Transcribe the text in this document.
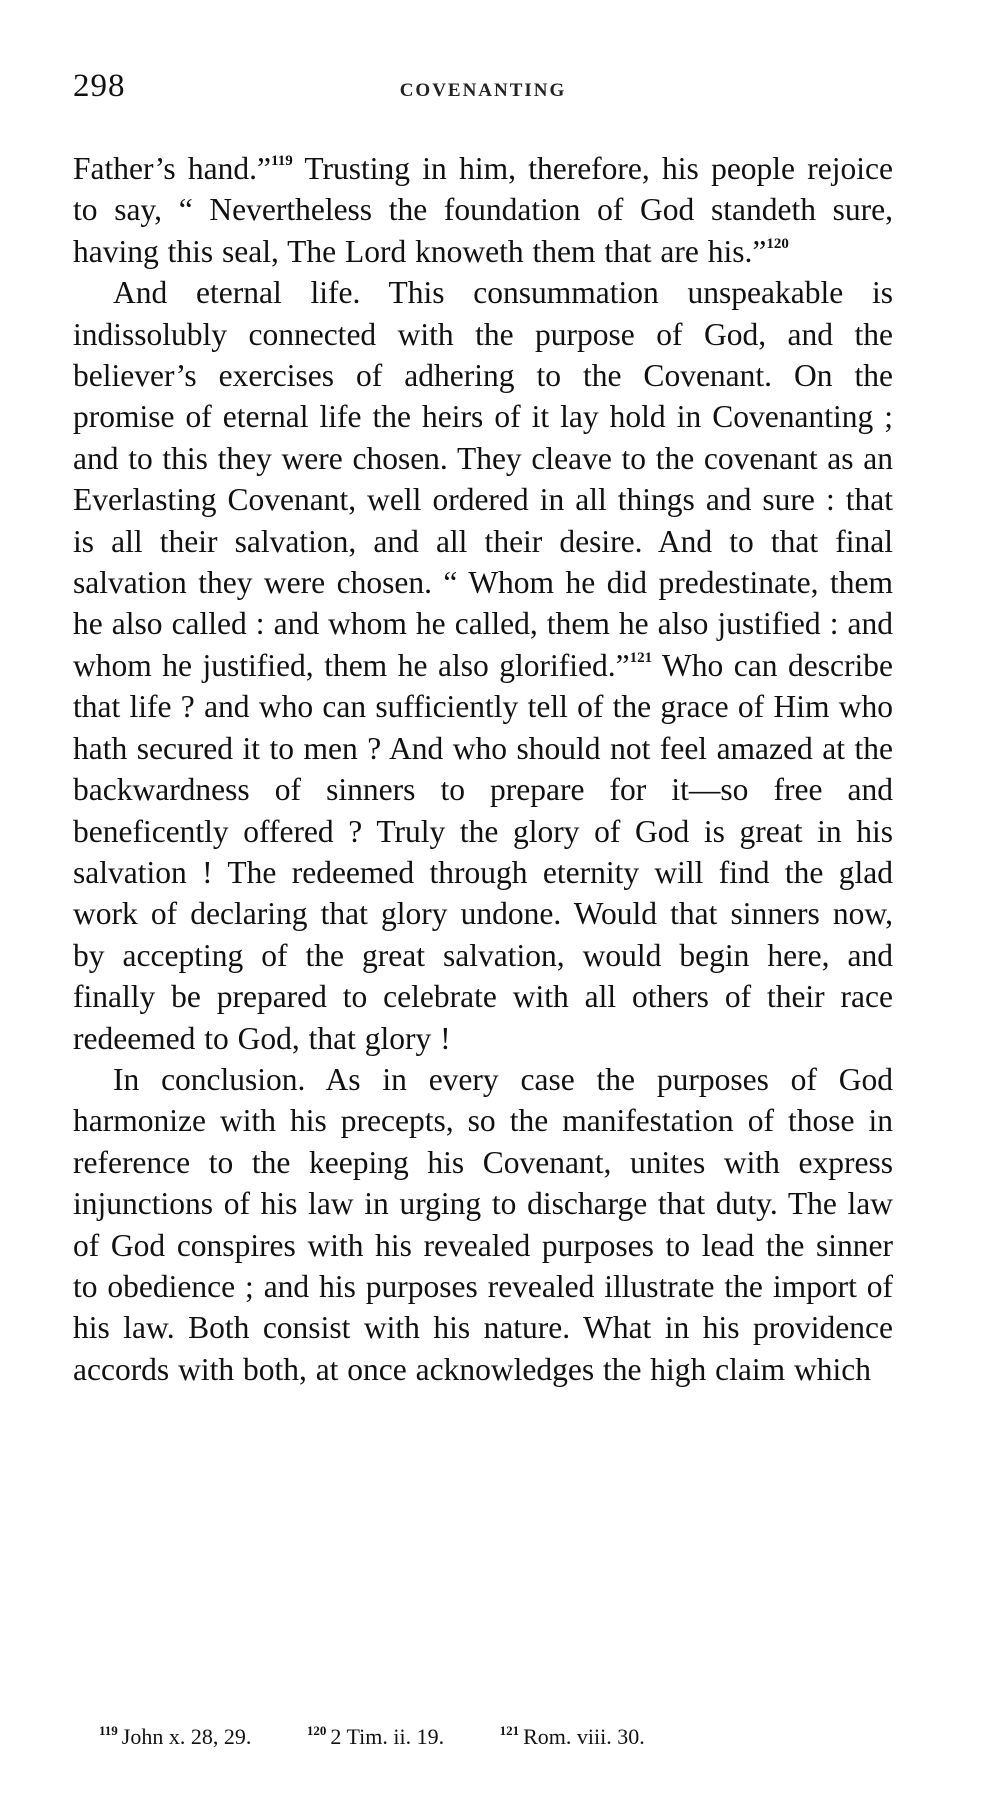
298	COVENANTING

Father’s hand.”$^{119}$ Trusting in him, therefore, his people rejoice to say, “ Nevertheless the foundation of God standeth sure, having this seal, The Lord knoweth them that are his.”$^{120}$

And eternal life. This consummation unspeakable is indissolubly connected with the purpose of God, and the believer’s exercises of adhering to the Covenant. On the promise of eternal life the heirs of it lay hold in Covenanting ; and to this they were chosen. They cleave to the covenant as an Everlasting Covenant, well ordered in all things and sure : that is all their salvation, and all their desire. And to that final salvation they were chosen. “ Whom he did predestinate, them he also called : and whom he called, them he also justified : and whom he justified, them he also glorified.”$^{121}$ Who can describe that life ? and who can sufficiently tell of the grace of Him who hath secured it to men ? And who should not feel amazed at the backwardness of sinners to prepare for it—so free and beneficently offered ? Truly the glory of God is great in his salvation ! The redeemed through eternity will find the glad work of declaring that glory undone. Would that sinners now, by accepting of the great salvation, would begin here, and finally be prepared to celebrate with all others of their race redeemed to God, that glory !

In conclusion. As in every case the purposes of God harmonize with his precepts, so the manifestation of those in reference to the keeping his Covenant, unites with express injunctions of his law in urging to discharge that duty. The law of God conspires with his revealed purposes to lead the sinner to obedience ; and his purposes revealed illustrate the import of his law. Both consist with his nature. What in his providence accords with both, at once acknowledges the high claim which

$^{119}$ John x. 28, 29.	$^{120}$ 2 Tim. ii. 19.	$^{121}$ Rom. viii. 30.
